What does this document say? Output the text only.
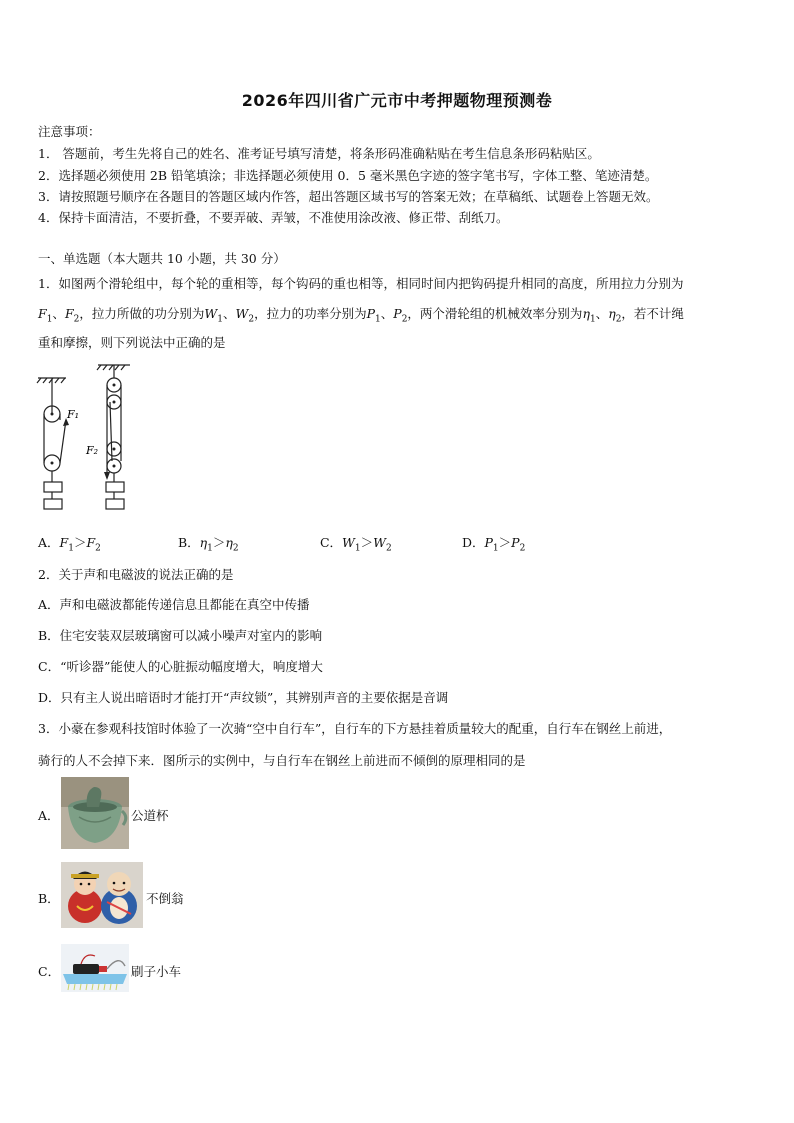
2026年四川省广元市中考押题物理预测卷
注意事项：
1． 答题前，考生先将自己的姓名、准考证号填写清楚，将条形码准确粘贴在考生信息条形码粘贴区。
2．选择题必须使用 2B 铅笔填涂；非选择题必须使用 0．5 毫米黑色字迹的签字笔书写，字体工整、笔迹清楚。
3．请按照题号顺序在各题目的答题区域内作答，超出答题区域书写的答案无效；在草稿纸、试题卷上答题无效。
4．保持卡面清洁，不要折叠，不要弄破、弄皱，不准使用涂改液、修正带、刮纸刀。
一、单选题（本大题共 10 小题，共 30 分）
1．如图两个滑轮组中，每个轮的重相等，每个钩码的重也相等，相同时间内把钩码提升相同的高度，所用拉力分别为
$F_1$、$F_2$，拉力所做的功分别为$W_1$、$W_2$，拉力的功率分别为$P_1$、$P_2$，两个滑轮组的机械效率分别为$\eta_1$、$\eta_2$，若不计绳
重和摩擦，则下列说法中正确的是
F₁
F₂
A．$F_1>F_2$	B．$\eta_1>\eta_2$	C．$W_1>W_2$	D．$P_1>P_2$
2．关于声和电磁波的说法正确的是
A．声和电磁波都能传递信息且都能在真空中传播
B．住宅安装双层玻璃窗可以减小噪声对室内的影响
C．“听诊器”能使人的心脏振动幅度增大，响度增大
D．只有主人说出暗语时才能打开“声纹锁”，其辨别声音的主要依据是音调
3．小豪在参观科技馆时体验了一次骑“空中自行车”，自行车的下方悬挂着质量较大的配重，自行车在钢丝上前进，
骑行的人不会掉下来．图所示的实例中，与自行车在钢丝上前进而不倾倒的原理相同的是
A．	公道杯
B．	不倒翁
C．	刷子小车
